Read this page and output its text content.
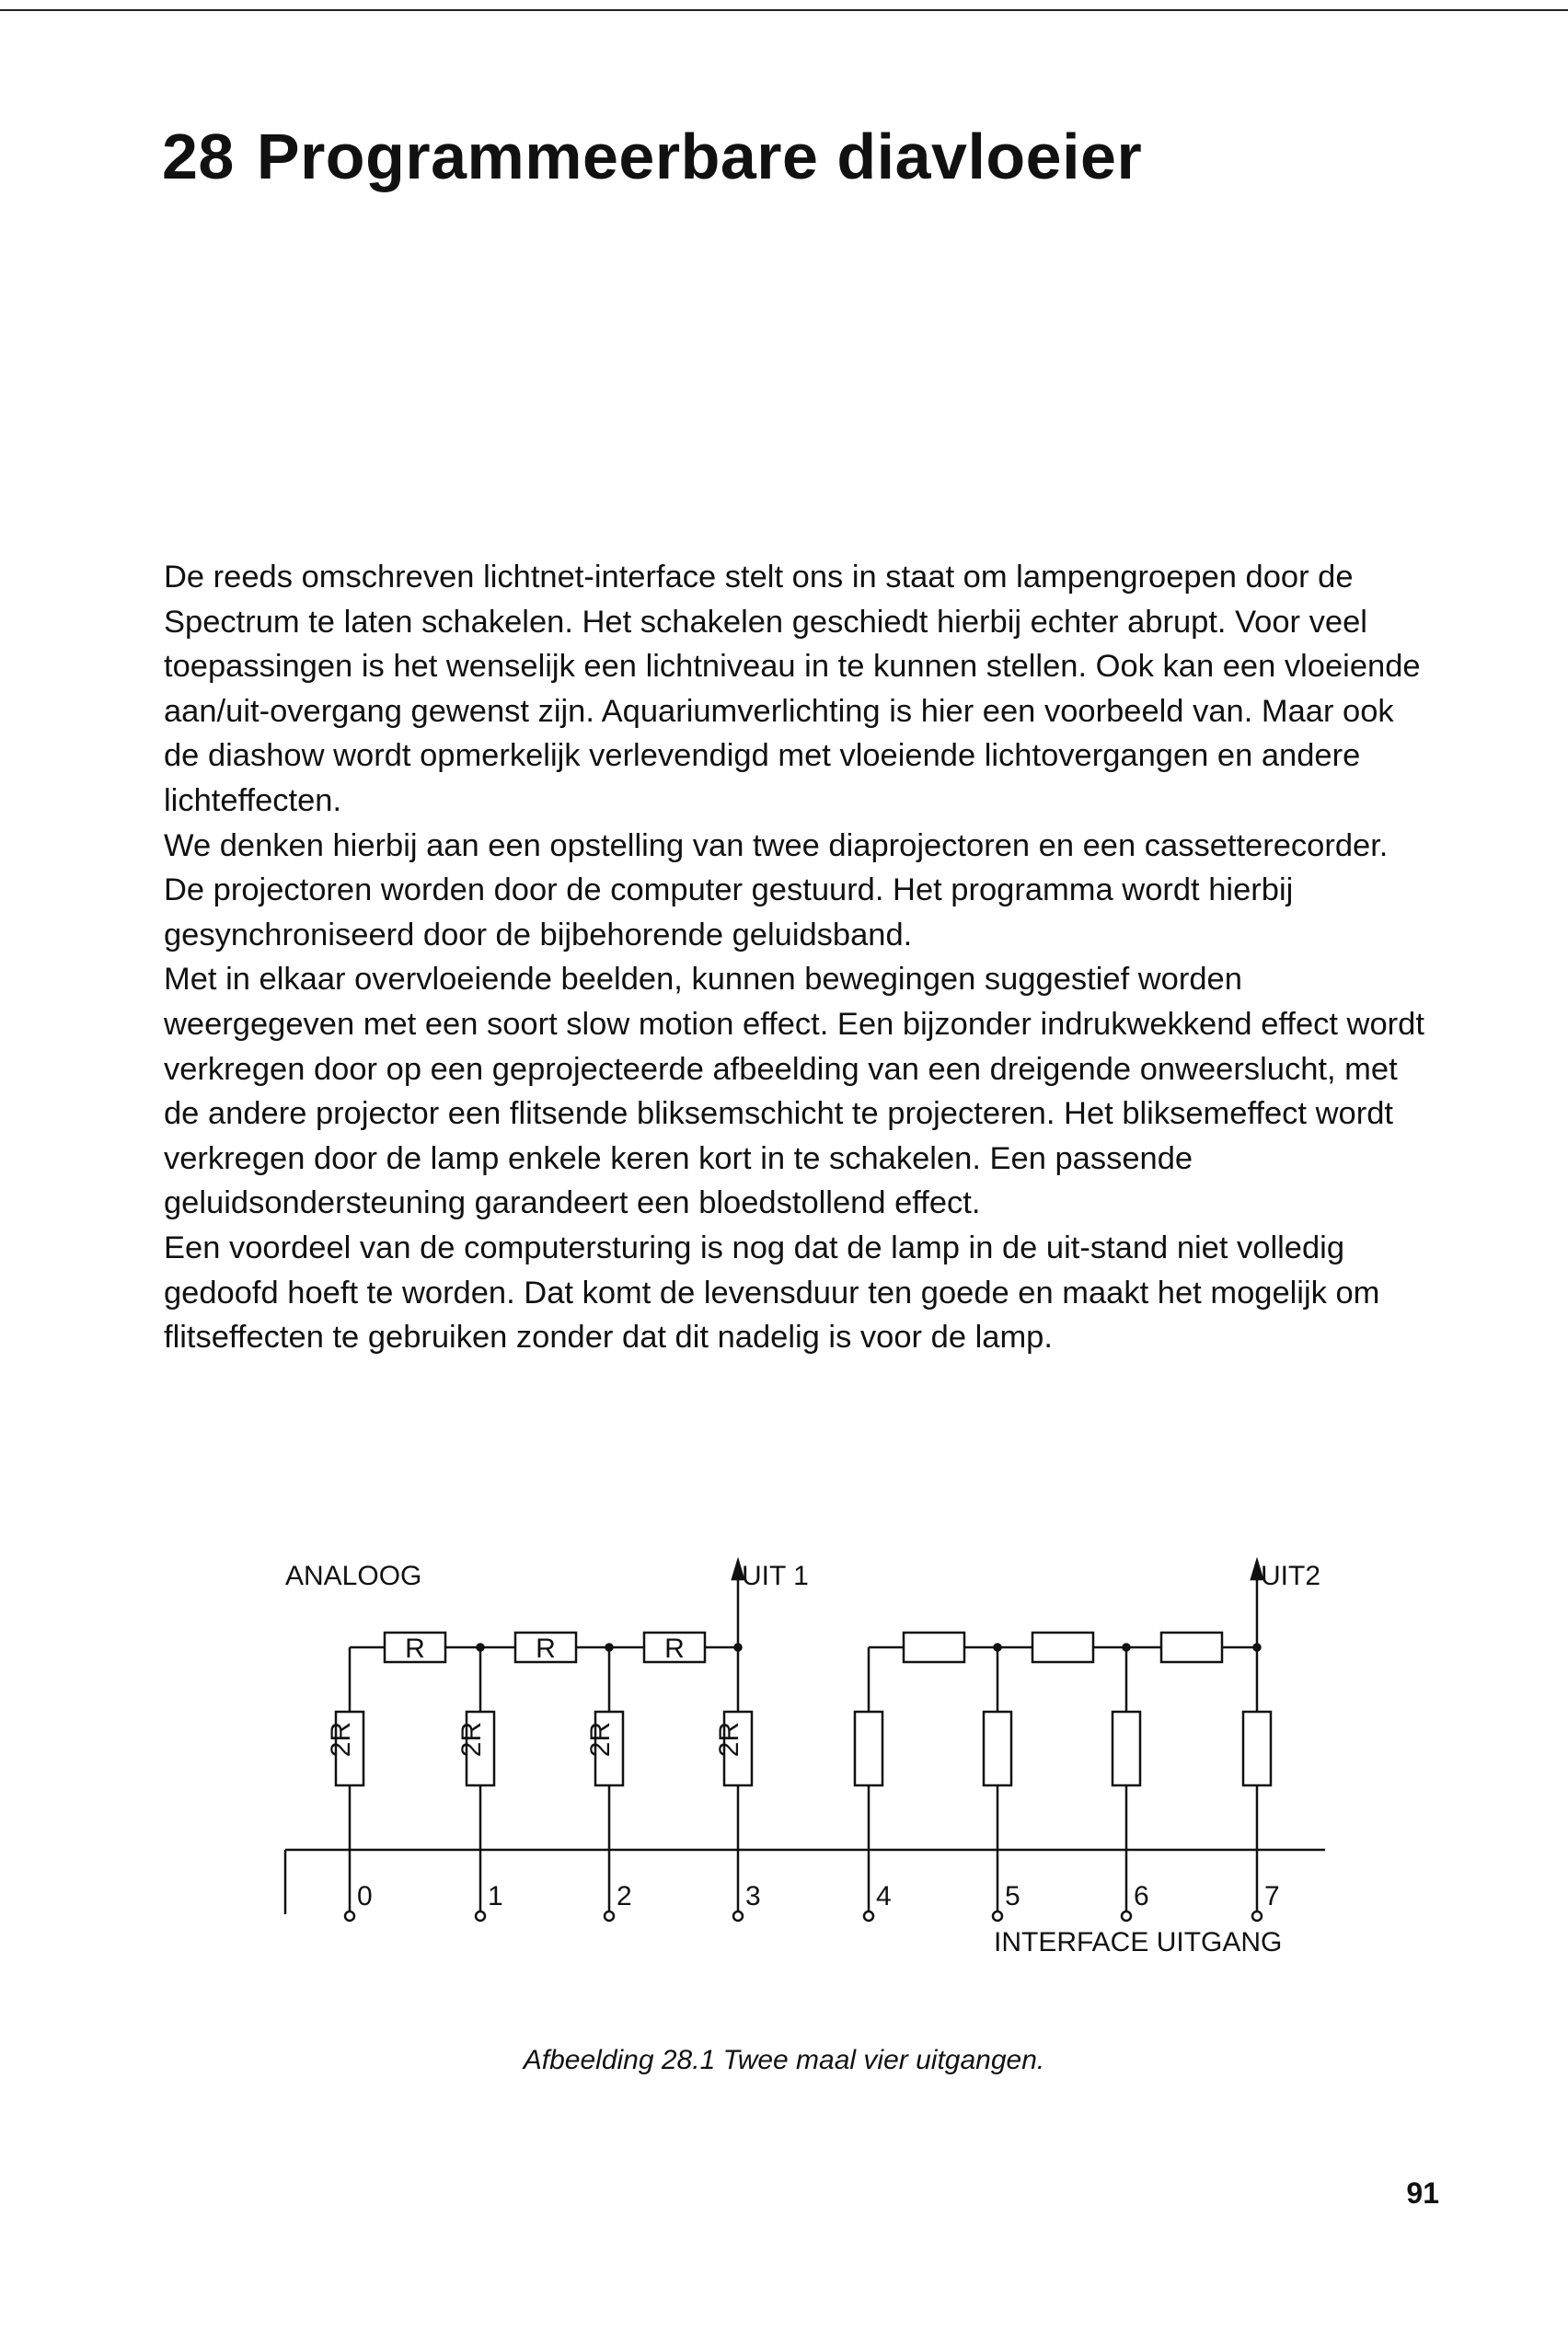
28 Programmeerbare diavloeier

De reeds omschreven lichtnet-interface stelt ons in staat om lampengroepen door de Spectrum te laten schakelen. Het schakelen geschiedt hierbij echter abrupt. Voor veel toepassingen is het wenselijk een lichtniveau in te kunnen stellen. Ook kan een vloeiende aan/uit-overgang gewenst zijn. Aquariumverlichting is hier een voorbeeld van. Maar ook de diashow wordt opmerkelijk verlevendigd met vloeiende lichtovergangen en andere lichteffecten.

We denken hierbij aan een opstelling van twee diaprojectoren en een cassetterecorder. De projectoren worden door de computer gestuurd. Het programma wordt hierbij gesynchroniseerd door de bijbehorende geluidsband.

Met in elkaar overvloeiende beelden, kunnen bewegingen suggestief worden weergegeven met een soort slow motion effect. Een bijzonder indrukwekkend effect wordt verkregen door op een geprojecteerde afbeelding van een dreigende onweerslucht, met de andere projector een flitsende bliksemschicht te projecteren. Het bliksemeffect wordt verkregen door de lamp enkele keren kort in te schakelen. Een passende geluidsondersteuning garandeert een bloedstollend effect.

Een voordeel van de computersturing is nog dat de lamp in de uit-stand niet volledig gedoofd hoeft te worden. Dat komt de levensduur ten goede en maakt het mogelijk om flitseffecten te gebruiken zonder dat dit nadelig is voor de lamp.

R	R	R
2R
0
2R
1
2R
2
2R
3	4	5	6	7
ANALOOG	UIT 1	UIT2
INTERFACE UITGANG
Afbeelding 28.1 Twee maal vier uitgangen.
91
